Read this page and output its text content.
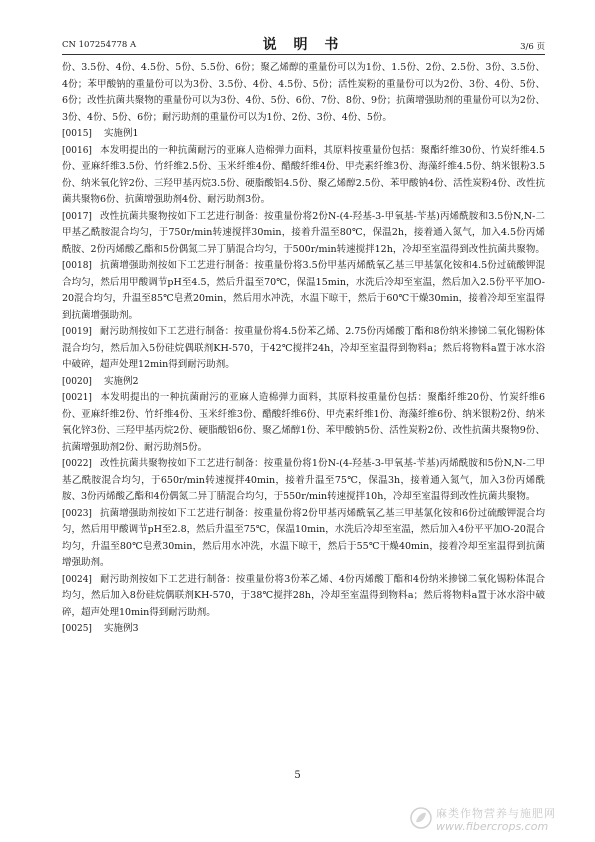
CN 107254778 A	说 明 书	3/6 页

份、3.5份、4份、4.5份、5份、5.5份、6份；聚乙烯醇的重量份可以为1份、1.5份、2份、2.5份、3份、3.5份、4份；苯甲酸钠的重量份可以为3份、3.5份、4份、4.5份、5份；活性炭粉的重量份可以为2份、3份、4份、5份、6份；改性抗菌共聚物的重量份可以为3份、4份、5份、6份、7份、8份、9份；抗菌增强助剂的重量份可以为2份、3份、4份、5份、6份；耐污助剂的重量份可以为1份、2份、3份、4份、5份。

[0015] 实施例1

[0016] 本发明提出的一种抗菌耐污的亚麻人造棉弹力面料，其原料按重量份包括：聚酯纤维30份、竹炭纤维4.5份、亚麻纤维3.5份、竹纤维2.5份、玉米纤维4份、醋酸纤维4份、甲壳素纤维3份、海藻纤维4.5份、纳米银粉3.5份、纳米氧化锌2份、三羟甲基丙烷3.5份、硬脂酸铝4.5份、聚乙烯醇2.5份、苯甲酸钠4份、活性炭粉4份、改性抗菌共聚物6份、抗菌增强助剂4份、耐污助剂3份。

[0017] 改性抗菌共聚物按如下工艺进行制备：按重量份将2份N-(4-羟基-3-甲氧基-苄基)丙烯酰胺和3.5份N,N-二甲基乙酰胺混合均匀，于750r/min转速搅拌30min，接着升温至80℃，保温2h，接着通入氮气，加入4.5份丙烯酰胺、2份丙烯酸乙酯和5份偶氮二异丁腈混合均匀，于500r/min转速搅拌12h，冷却至室温得到改性抗菌共聚物。

[0018] 抗菌增强助剂按如下工艺进行制备：按重量份将3.5份甲基丙烯酰氧乙基三甲基氯化铵和4.5份过硫酸钾混合均匀，然后用甲酸调节pH至4.5，然后升温至70℃，保温15min，水洗后冷却至室温，然后加入2.5份平平加O-20混合均匀，升温至85℃皂煮20min，然后用水冲洗，水温下晾干，然后于60℃干燥30min，接着冷却至室温得到抗菌增强助剂。

[0019] 耐污助剂按如下工艺进行制备：按重量份将4.5份苯乙烯、2.75份丙烯酸丁酯和8份纳米掺锑二氧化锡粉体混合均匀，然后加入5份硅烷偶联剂KH-570，于42℃搅拌24h，冷却至室温得到物料a；然后将物料a置于冰水浴中破碎，超声处理12min得到耐污助剂。

[0020] 实施例2

[0021] 本发明提出的一种抗菌耐污的亚麻人造棉弹力面料，其原料按重量份包括：聚酯纤维20份、竹炭纤维6份、亚麻纤维2份、竹纤维4份、玉米纤维3份、醋酸纤维6份、甲壳素纤维1份、海藻纤维6份、纳米银粉2份、纳米氧化锌3份、三羟甲基丙烷2份、硬脂酸铝6份、聚乙烯醇1份、苯甲酸钠5份、活性炭粉2份、改性抗菌共聚物9份、抗菌增强助剂2份、耐污助剂5份。

[0022] 改性抗菌共聚物按如下工艺进行制备：按重量份将1份N-(4-羟基-3-甲氧基-苄基)丙烯酰胺和5份N,N-二甲基乙酰胺混合均匀，于650r/min转速搅拌40min，接着升温至75℃，保温3h，接着通入氮气，加入3份丙烯酰胺、3份丙烯酸乙酯和4份偶氮二异丁腈混合均匀，于550r/min转速搅拌10h，冷却至室温得到改性抗菌共聚物。

[0023] 抗菌增强助剂按如下工艺进行制备：按重量份将2份甲基丙烯酰氧乙基三甲基氯化铵和6份过硫酸钾混合均匀，然后用甲酸调节pH至2.8，然后升温至75℃，保温10min，水洗后冷却至室温，然后加入4份平平加O-20混合均匀，升温至80℃皂煮30min，然后用水冲洗，水温下晾干，然后于55℃干燥40min，接着冷却至室温得到抗菌增强助剂。

[0024] 耐污助剂按如下工艺进行制备：按重量份将3份苯乙烯、4份丙烯酸丁酯和4份纳米掺锑二氧化锡粉体混合均匀，然后加入8份硅烷偶联剂KH-570，于38℃搅拌28h，冷却至室温得到物料a；然后将物料a置于冰水浴中破碎，超声处理10min得到耐污助剂。

[0025] 实施例3

5
麻类作物营养与施肥网
www.fibercrops.com
